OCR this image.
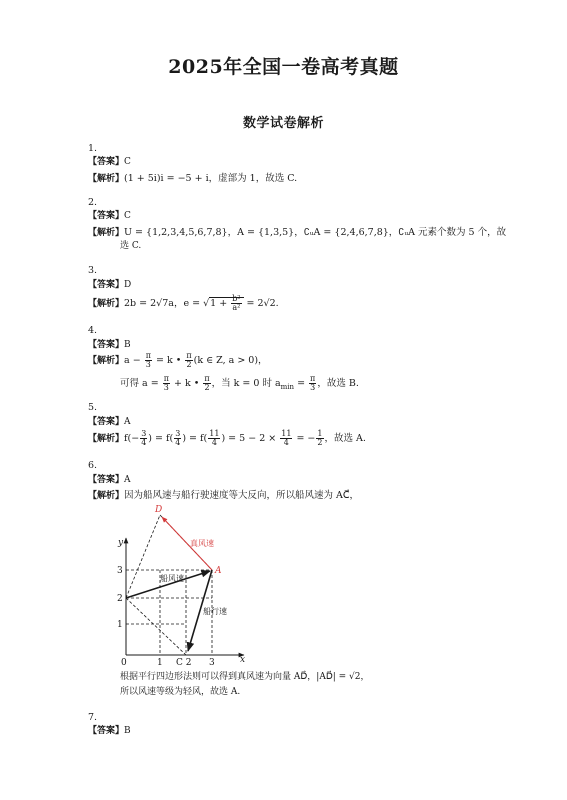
2025年全国一卷高考真题
数学试卷解析
1.
【答案】C
【解析】(1 + 5i)i = −5 + i，虚部为 1，故选 C.
2.
【答案】C
【解析】U = {1,2,3,4,5,6,7,8}，A = {1,3,5}，∁ᵤA = {2,4,6,7,8}，∁ᵤA 元素个数为 5 个，故
选 C.
3.
【答案】D
【解析】2b = 2√7a，$e = √1 + \frac{\text{b²}}{\text{a²}} = 2√2$.
4.
【答案】B
【解析】$a - \frac{\pi}{3} = k$ • $\frac{\pi}{2} (k$ ∈ Z, a > 0)，
可得 $a = \frac{\pi}{3} + k$ • $\frac{\pi}{2}$ ，当 k = 0 时 $a_{min} = \frac{\pi}{3}$ ，故选 B.
5.
【答案】A
【解析】$f(- \frac{3}{4}$ ) = $f( \frac{3}{4}$ ) = $f( \frac{11}{4}$ ) = $5 - 2 \times \frac{11}{4}$ = − $\frac{1}{2}$ ，故选 A.
6.
【答案】A
【解析】因为船风速与船行驶速度等大反向，所以船风速为 AC⃗，
D
真风速
A
船风速
船行速
y
x
3
2
1
0	1 C 2 3
根据平行四边形法则可以得到真风速为向量 AD⃗，|AD⃗| = √2，
所以风速等级为轻风，故选 A.
7.
【答案】B
